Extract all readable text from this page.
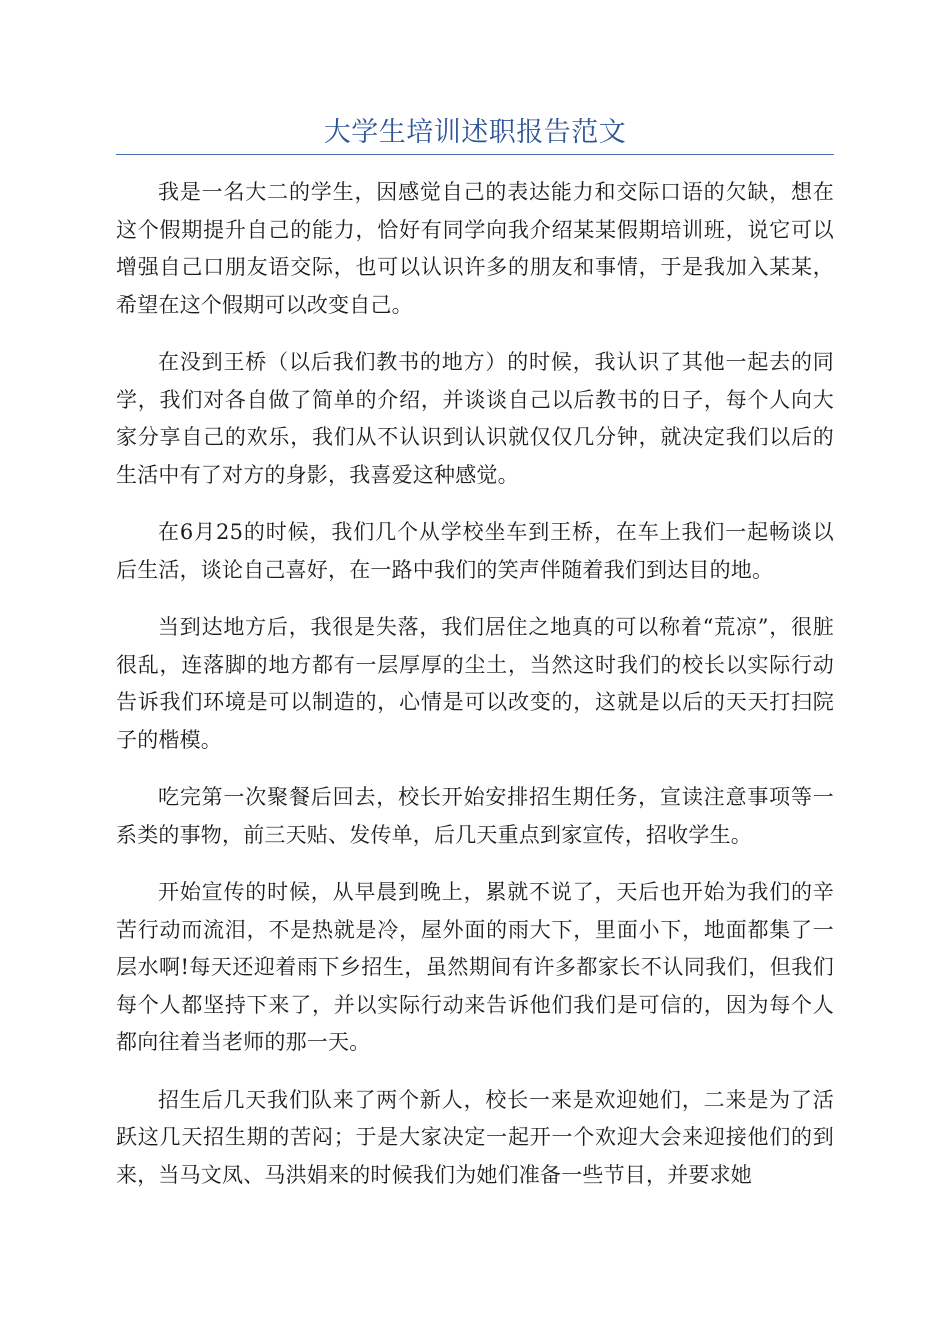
大学生培训述职报告范文

我是一名大二的学生，因感觉自己的表达能力和交际口语的欠缺，想在这个假期提升自己的能力，恰好有同学向我介绍某某假期培训班，说它可以增强自己口朋友语交际，也可以认识许多的朋友和事情，于是我加入某某，希望在这个假期可以改变自己。

在没到王桥（以后我们教书的地方）的时候，我认识了其他一起去的同学，我们对各自做了简单的介绍，并谈谈自己以后教书的日子，每个人向大家分享自己的欢乐，我们从不认识到认识就仅仅几分钟，就决定我们以后的生活中有了对方的身影，我喜爱这种感觉。

在6月25的时候，我们几个从学校坐车到王桥，在车上我们一起畅谈以后生活，谈论自己喜好，在一路中我们的笑声伴随着我们到达目的地。

当到达地方后，我很是失落，我们居住之地真的可以称着“荒凉”，很脏很乱，连落脚的地方都有一层厚厚的尘土，当然这时我们的校长以实际行动告诉我们环境是可以制造的，心情是可以改变的，这就是以后的天天打扫院子的楷模。

吃完第一次聚餐后回去，校长开始安排招生期任务，宣读注意事项等一系类的事物，前三天贴、发传单，后几天重点到家宣传，招收学生。

开始宣传的时候，从早晨到晚上，累就不说了，天后也开始为我们的辛苦行动而流泪，不是热就是冷，屋外面的雨大下，里面小下，地面都集了一层水啊!每天还迎着雨下乡招生，虽然期间有许多都家长不认同我们，但我们每个人都坚持下来了，并以实际行动来告诉他们我们是可信的，因为每个人都向往着当老师的那一天。

招生后几天我们队来了两个新人，校长一来是欢迎她们，二来是为了活跃这几天招生期的苦闷；于是大家决定一起开一个欢迎大会来迎接他们的到来，当马文凤、马洪娟来的时候我们为她们准备一些节目，并要求她
